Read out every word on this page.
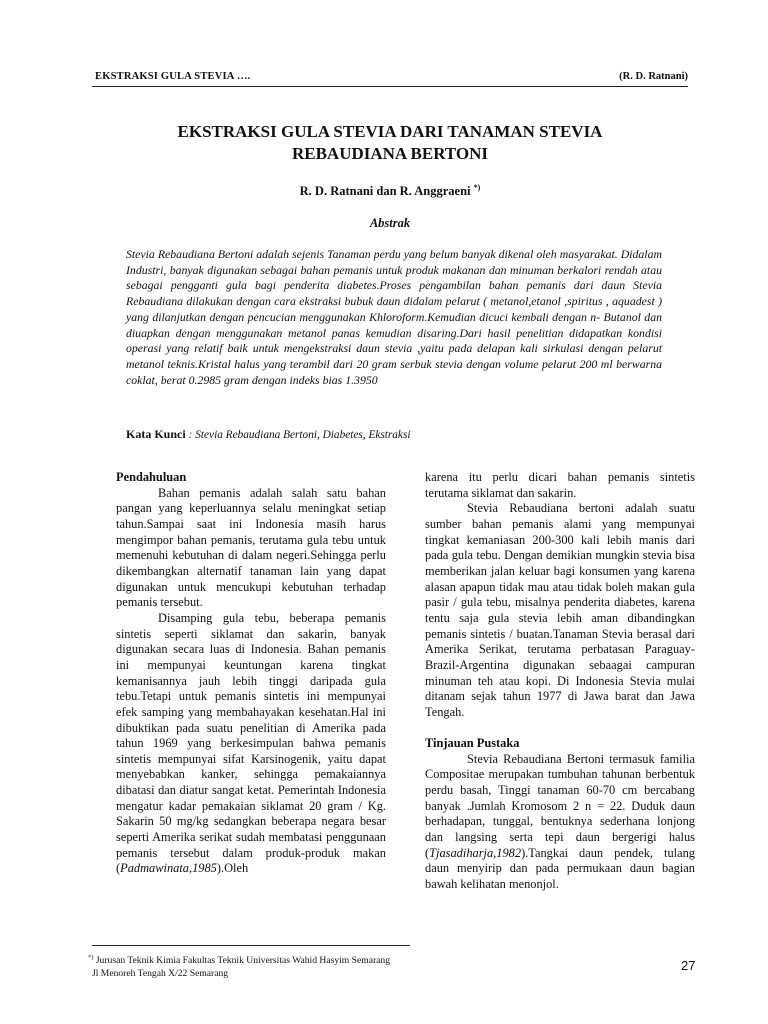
EKSTRAKSI GULA STEVIA ….	(R. D. Ratnani)
EKSTRAKSI GULA STEVIA DARI TANAMAN STEVIA
REBAUDIANA BERTONI
R. D. Ratnani dan R. Anggraeni *)
Abstrak

Stevia Rebaudiana Bertoni adalah sejenis Tanaman perdu yang belum banyak dikenal oleh masyarakat. Didalam Industri, banyak digunakan sebagai bahan pemanis untuk produk makanan dan minuman berkalori rendah atau sebagai pengganti gula bagi penderita diabetes.Proses pengambilan bahan pemanis dari daun Stevia Rebaudiana dilakukan dengan cara ekstraksi bubuk daun didalam pelarut ( metanol,etanol ,spiritus , aquadest ) yang dilanjutkan dengan pencucian menggunakan Khloroform.Kemudian dicuci kembali dengan n- Butanol dan diuapkan dengan menggunakan metanol panas kemudian disaring.Dari hasil penelitian didapatkan kondisi operasi yang relatif baik untuk mengekstraksi daun stevia ,yaitu pada delapan kali sirkulasi dengan pelarut metanol teknis.Kristal halus yang terambil dari 20 gram serbuk stevia dengan volume pelarut 200 ml berwarna coklat, berat 0.2985 gram dengan indeks bias 1.3950

Kata Kunci : Stevia Rebaudiana Bertoni, Diabetes, Ekstraksi

Pendahuluan

Bahan pemanis adalah salah satu bahan pangan yang keperluannya selalu meningkat setiap tahun.Sampai saat ini Indonesia masih harus mengimpor bahan pemanis, terutama gula tebu untuk memenuhi kebutuhan di dalam negeri.Sehingga perlu dikembangkan alternatif tanaman lain yang dapat digunakan untuk mencukupi kebutuhan terhadap pemanis tersebut.

Disamping gula tebu, beberapa pemanis sintetis seperti siklamat dan sakarin, banyak digunakan secara luas di Indonesia. Bahan pemanis ini mempunyai keuntungan karena tingkat kemanisannya jauh lebih tinggi daripada gula tebu.Tetapi untuk pemanis sintetis ini mempunyai efek samping yang membahayakan kesehatan.Hal ini dibuktikan pada suatu penelitian di Amerika pada tahun 1969 yang berkesimpulan bahwa pemanis sintetis mempunyai sifat Karsinogenik, yaitu dapat menyebabkan kanker, sehingga pemakaiannya dibatasi dan diatur sangat ketat. Pemerintah Indonesia mengatur kadar pemakaian siklamat 20 gram / Kg. Sakarin 50 mg/kg sedangkan beberapa negara besar seperti Amerika serikat sudah membatasi penggunaan pemanis tersebut dalam produk-produk makan (Padmawinata,1985).Oleh

karena itu perlu dicari bahan pemanis sintetis terutama siklamat dan sakarin.

Stevia Rebaudiana bertoni adalah suatu sumber bahan pemanis alami yang mempunyai tingkat kemaniasan 200-300 kali lebih manis dari pada gula tebu. Dengan demikian mungkin stevia bisa memberikan jalan keluar bagi konsumen yang karena alasan apapun tidak mau atau tidak boleh makan gula pasir / gula tebu, misalnya penderita diabetes, karena tentu saja gula stevia lebih aman dibandingkan pemanis sintetis / buatan.Tanaman Stevia berasal dari Amerika Serikat, terutama perbatasan Paraguay- Brazil-Argentina digunakan sebaagai campuran minuman teh atau kopi. Di Indonesia Stevia mulai ditanam sejak tahun 1977 di Jawa barat dan Jawa Tengah.

Tinjauan Pustaka

Stevia Rebaudiana Bertoni termasuk familia Compositae merupakan tumbuhan tahunan berbentuk perdu basah, Tinggi tanaman 60-70 cm bercabang banyak .Jumlah Kromosom 2 n = 22. Duduk daun berhadapan, tunggal, bentuknya sederhana lonjong dan langsing serta tepi daun bergerigi halus (Tjasadiharja,1982).Tangkai daun pendek, tulang daun menyirip dan pada permukaan daun bagian bawah kelihatan menonjol.

*) Jurusan Teknik Kimia Fakultas Teknik Universitas Wahid Hasyim Semarang
Jl Menoreh Tengah X/22 Semarang
27
